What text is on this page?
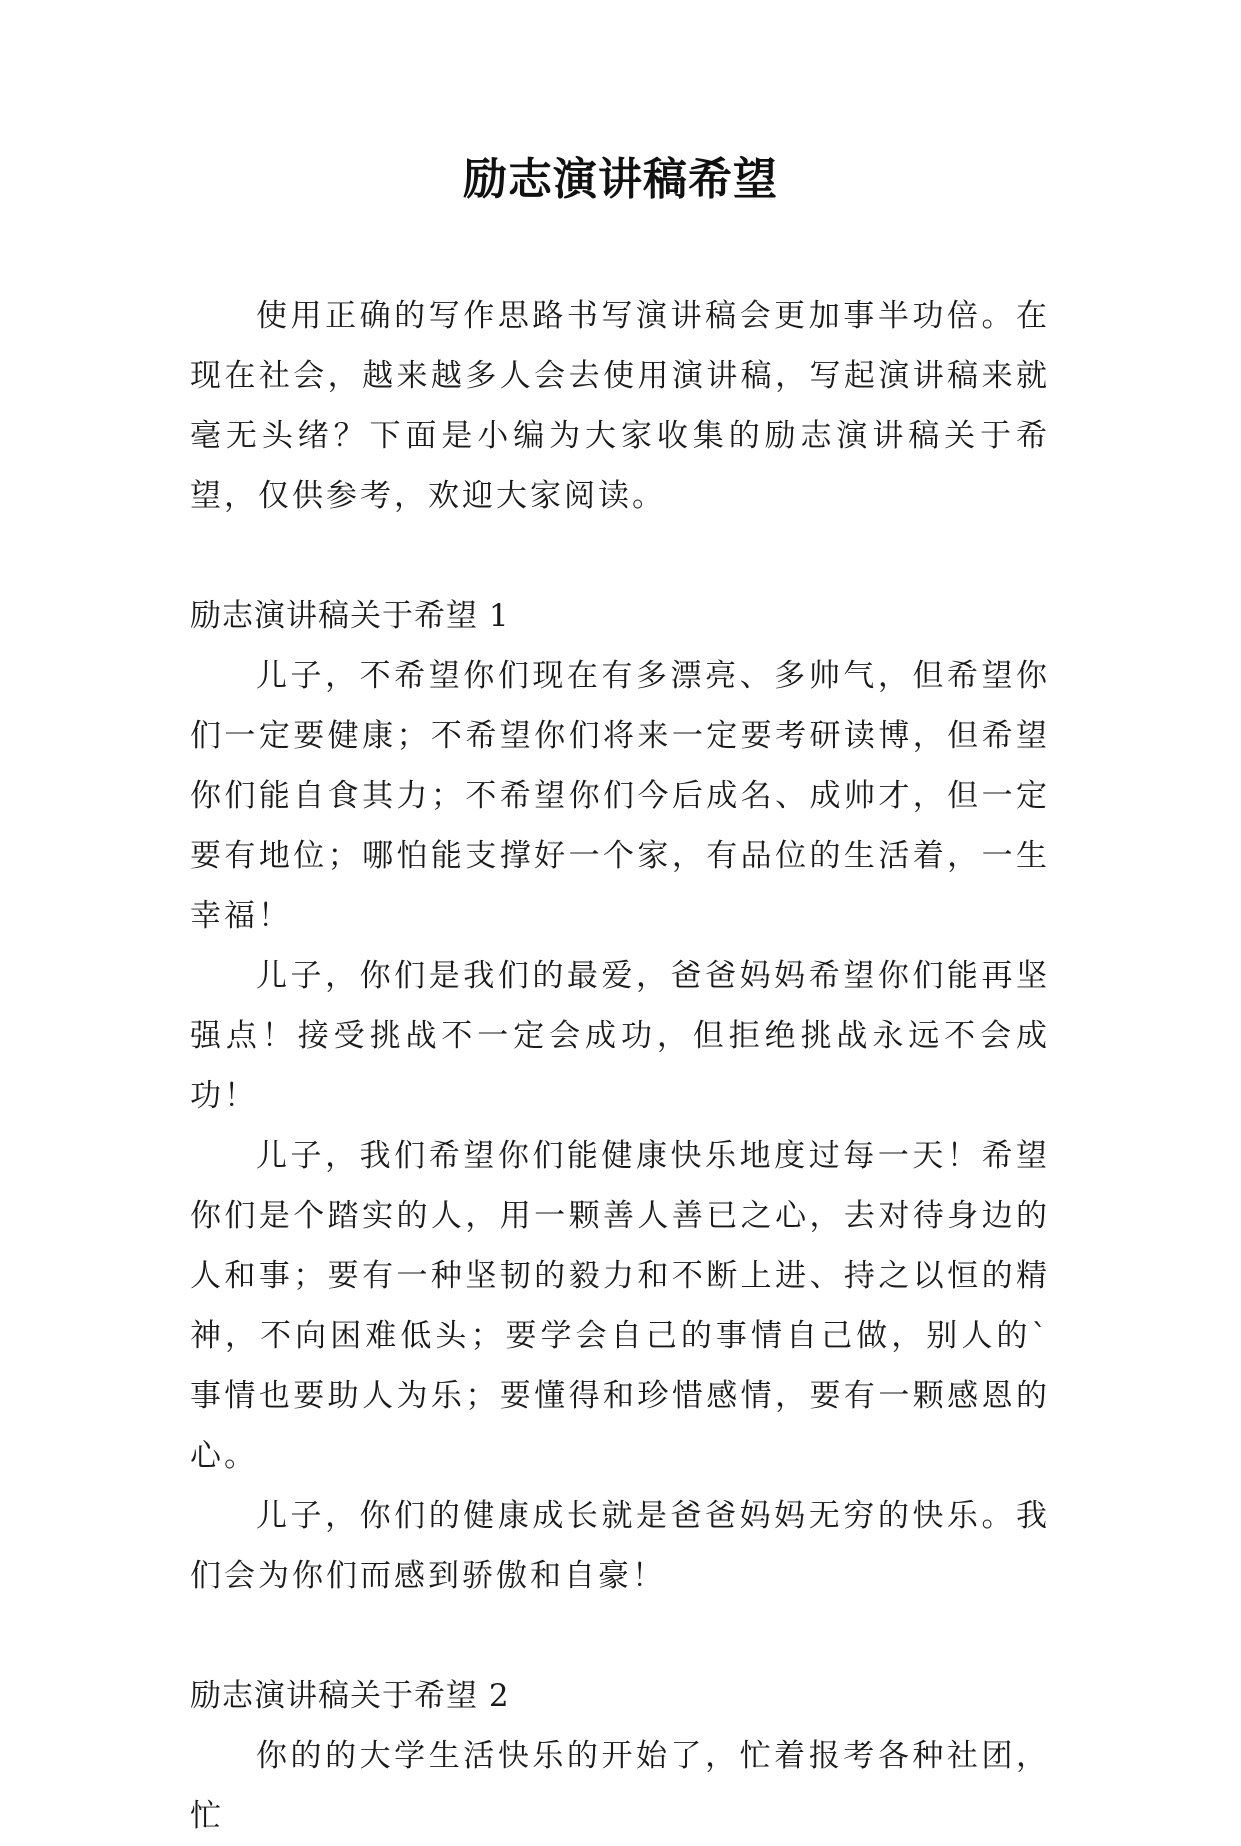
励志演讲稿希望

使用正确的写作思路书写演讲稿会更加事半功倍。在现在社会，越来越多人会去使用演讲稿，写起演讲稿来就毫无头绪？下面是小编为大家收集的励志演讲稿关于希望，仅供参考，欢迎大家阅读。

励志演讲稿关于希望 1

儿子，不希望你们现在有多漂亮、多帅气，但希望你们一定要健康；不希望你们将来一定要考研读博，但希望你们能自食其力；不希望你们今后成名、成帅才，但一定要有地位；哪怕能支撑好一个家，有品位的生活着，一生幸福！

儿子，你们是我们的最爱，爸爸妈妈希望你们能再坚强点！接受挑战不一定会成功，但拒绝挑战永远不会成功！

儿子，我们希望你们能健康快乐地度过每一天！希望你们是个踏实的人，用一颗善人善已之心，去对待身边的人和事；要有一种坚韧的毅力和不断上进、持之以恒的精神，不向困难低头；要学会自己的事情自己做，别人的`事情也要助人为乐；要懂得和珍惜感情，要有一颗感恩的心。

儿子，你们的健康成长就是爸爸妈妈无穷的快乐。我们会为你们而感到骄傲和自豪！

励志演讲稿关于希望 2

你的的大学生活快乐的开始了，忙着报考各种社团，忙
